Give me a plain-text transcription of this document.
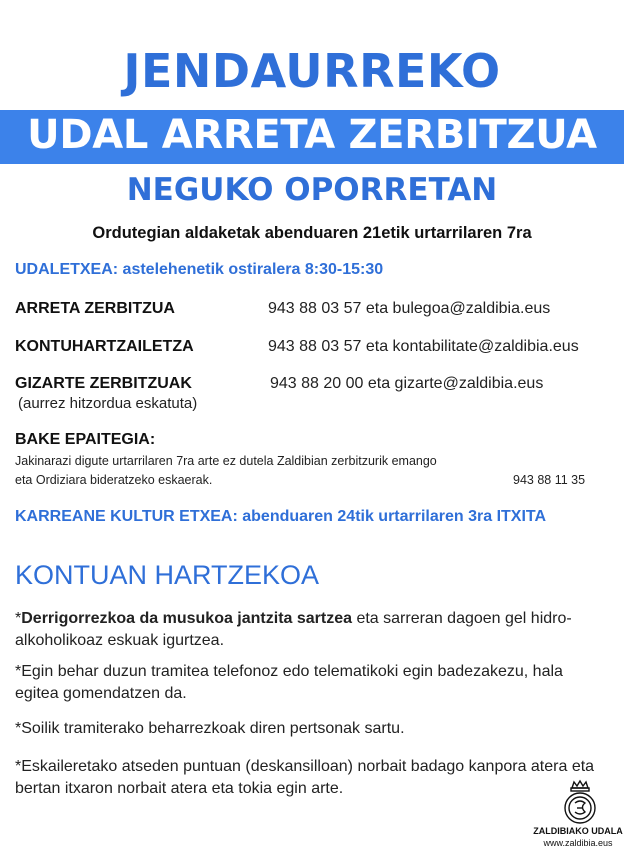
JENDAURREKO
UDAL ARRETA ZERBITZUA
NEGUKO OPORRETAN
Ordutegian aldaketak abenduaren 21etik urtarrilaren 7ra
UDALETXEA: astelehenetik ostiralera 8:30-15:30
ARRETA ZERBITZUA	943 88 03 57 eta bulegoa@zaldibia.eus
KONTUHARTZAILETZA	943 88 03 57 eta kontabilitate@zaldibia.eus
GIZARTE ZERBITZUAK	943 88 20 00 eta gizarte@zaldibia.eus
(aurrez hitzordua eskatuta)
BAKE EPAITEGIA:
Jakinarazi digute urtarrilaren 7ra arte ez dutela Zaldibian zerbitzurik emango
eta Ordiziara bideratzeko eskaerak.	943 88 11 35
KARREANE KULTUR ETXEA: abenduaren 24tik urtarrilaren 3ra ITXITA
KONTUAN HARTZEKOA
*Derrigorrezkoa da musukoa jantzita sartzea eta sarreran dagoen gel hidro-alkoholikoaz eskuak igurtzea.
*Egin behar duzun tramitea telefonoz edo telematikoki egin badezakezu, hala egitea gomendatzen da.
*Soilik tramiterako beharrezkoak diren pertsonak sartu.
*Eskaileretako atseden puntuan (deskansilloan) norbait badago kanpora atera eta bertan itxaron norbait atera eta tokia egin arte.
ZALDIBIAKO UDALA
www.zaldibia.eus
